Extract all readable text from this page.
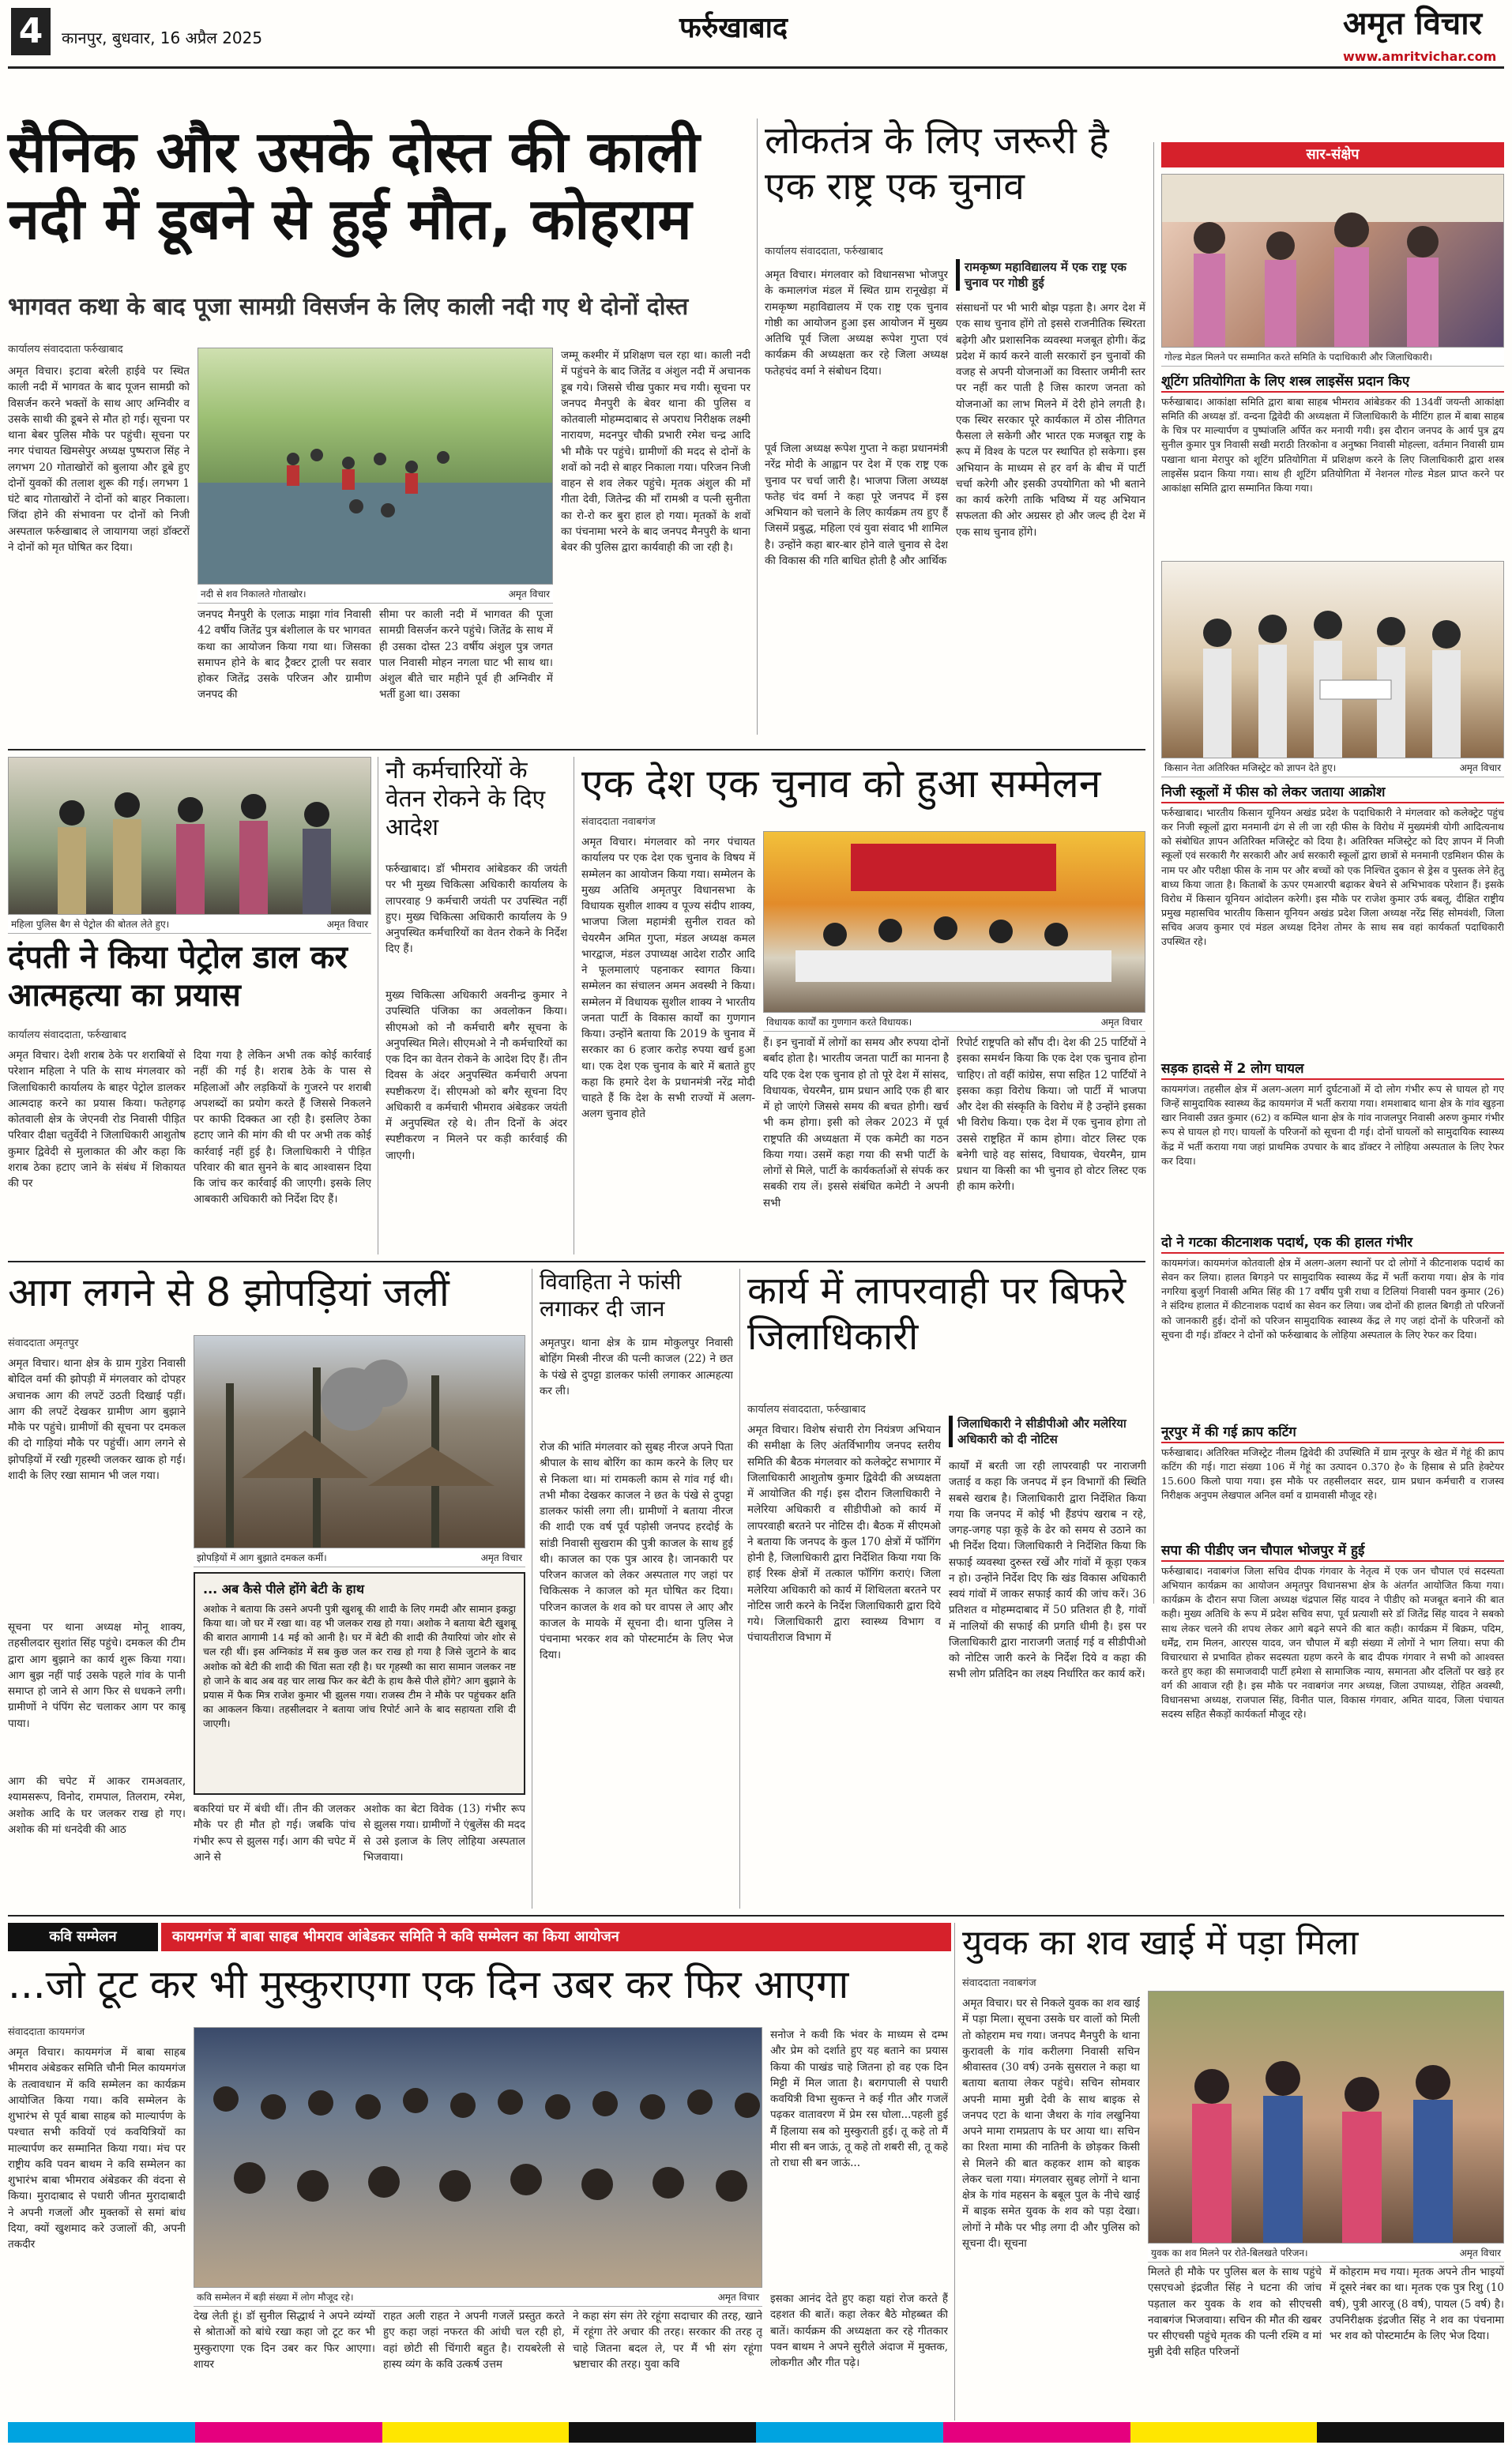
4	कानपुर, बुधवार, 16 अप्रैल 2025	फर्रुखाबाद	अमृत विचार
www.amritvichar.com
सैनिक और उसके दोस्त की काली नदी में डूबने से हुई मौत, कोहराम
भागवत कथा के बाद पूजा सामग्री विसर्जन के लिए काली नदी गए थे दोनों दोस्त
कार्यालय संवाददाता फर्रुखाबाद
अमृत विचार। इटावा बरेली हाईवे पर स्थित काली नदी में भागवत के बाद पूजन सामग्री को विसर्जन करने भक्तों के साथ आए अग्निवीर व उसके साथी की डूबने से मौत हो गई। सूचना पर थाना बेबर पुलिस मौके पर पहुंची। सूचना पर नगर पंचायत खिमसेपुर अध्यक्ष पुष्पराज सिंह ने लगभग 20 गोताखोरों को बुलाया और डूबे हुए दोनों युवकों की तलाश शुरू की गई। लगभग 1 घंटे बाद गोताखोरों ने दोनों को बाहर निकाला। जिंदा होने की संभावना पर दोनों को निजी अस्पताल फर्रुखाबाद ले जायागया जहां डॉक्टरों ने दोनों को मृत घोषित कर दिया।
नदी से शव निकालते गोताखोर।	अमृत विचार
जनपद मैनपुरी के एलाऊ माझा गांव निवासी 42 वर्षीय जितेंद्र पुत्र बंशीलाल के घर भागवत कथा का आयोजन किया गया था। जिसका समापन होने के बाद ट्रैक्टर ट्राली पर सवार होकर जितेंद्र उसके परिजन और ग्रामीण जनपद की
सीमा पर काली नदी में भागवत की पूजा सामग्री विसर्जन करने पहुंचे। जितेंद्र के साथ में ही उसका दोस्त 23 वर्षीय अंशुल पुत्र जगत पाल निवासी मोहन नगला घाट भी साथ था। अंशुल बीते चार महीने पूर्व ही अग्निवीर में भर्ती हुआ था। उसका
जम्मू कश्मीर में प्रशिक्षण चल रहा था। काली नदी में पहुंचने के बाद जितेंद्र व अंशुल नदी में अचानक डूब गये। जिससे चीख पुकार मच गयी। सूचना पर जनपद मैनपुरी के बेवर थाना की पुलिस व कोतवाली मोहम्मदाबाद से अपराध निरीक्षक लक्ष्मी नारायण, मदनपुर चौकी प्रभारी रमेश चन्द्र आदि भी मौके पर पहुंचे। ग्रामीणों की मदद से दोनों के शवों को नदी से बाहर निकाला गया। परिजन निजी वाहन से शव लेकर पहुंचे। मृतक अंशुल की माँ गीता देवी, जितेन्द्र की माँ रामश्री व पत्नी सुनीता का रो-रो कर बुरा हाल हो गया। मृतकों के शवों का पंचनामा भरने के बाद जनपद मैनपुरी के थाना बेवर की पुलिस द्वारा कार्यवाही की जा रही है।
लोकतंत्र के लिए जरूरी है एक राष्ट्र एक चुनाव
कार्यालय संवाददाता, फर्रुखाबाद
अमृत विचार। मंगलवार को विधानसभा भोजपुर के कमालगंज मंडल में स्थित ग्राम रानूखेड़ा में रामकृष्ण महाविद्यालय में एक राष्ट्र एक चुनाव गोष्ठी का आयोजन हुआ इस आयोजन में मुख्य अतिथि पूर्व जिला अध्यक्ष रूपेश गुप्ता एवं कार्यक्रम की अध्यक्षता कर रहे जिला अध्यक्ष फतेहचंद वर्मा ने संबोधन दिया।
रामकृष्ण महाविद्यालय में एक राष्ट्र एक चुनाव पर गोष्ठी हुई
संसाधनों पर भी भारी बोझ पड़ता है। अगर देश में एक साथ चुनाव होंगे तो इससे राजनीतिक स्थिरता बढ़ेगी और प्रशासनिक व्यवस्था मजबूत होगी। केंद्र प्रदेश में कार्य करने वाली सरकारों इन चुनावों की वजह से अपनी योजनाओं का विस्तार जमीनी स्तर पर नहीं कर पाती है जिस कारण जनता को योजनाओं का लाभ मिलने में देरी होने लगती है। एक स्थिर सरकार पूरे कार्यकाल में ठोस नीतिगत फैसला ले सकेगी और भारत एक मजबूत राष्ट्र के रूप में विश्व के पटल पर स्थापित हो सकेगा। इस अभियान के माध्यम से हर वर्ग के बीच में पार्टी चर्चा करेगी और इसकी उपयोगिता को भी बताने का कार्य करेगी ताकि भविष्य में यह अभियान सफलता की ओर अग्रसर हो और जल्द ही देश में एक साथ चुनाव होंगे।
पूर्व जिला अध्यक्ष रूपेश गुप्ता ने कहा प्रधानमंत्री नरेंद्र मोदी के आह्वान पर देश में एक राष्ट्र एक चुनाव पर चर्चा जारी है। भाजपा जिला अध्यक्ष फतेह चंद वर्मा ने कहा पूरे जनपद में इस अभियान को चलाने के लिए कार्यक्रम तय हुए हैं जिसमें प्रबुद्ध, महिला एवं युवा संवाद भी शामिल है। उन्होंने कहा बार-बार होने वाले चुनाव से देश की विकास की गति बाधित होती है और आर्थिक
सार-संक्षेप
गोल्ड मेडल मिलने पर सम्मानित करते समिति के पदाधिकारी और जिलाधिकारी।
शूटिंग प्रतियोगिता के लिए शस्त्र लाइसेंस प्रदान किए
फर्रुखाबाद। आकांक्षा समिति द्वारा बाबा साहब भीमराव आंबेडकर की 134वीं जयन्ती आकांक्षा समिति की अध्यक्ष डॉ. वन्दना द्विवेदी की अध्यक्षता में जिलाधिकारी के मीटिंग हाल में बाबा साहब के चित्र पर माल्यार्पण व पुष्पांजलि अर्पित कर मनायी गयी। इस दौरान जनपद के आर्य पुत्र द्वय सुनील कुमार पुत्र निवासी सखी मराठी तिरकोना व अनुष्का निवासी मोहल्ला, वर्तमान निवासी ग्राम पखाना थाना मेरापुर को शूटिंग प्रतियोगिता में प्रशिक्षण करने के लिए जिलाधिकारी द्वारा शस्त्र लाइसेंस प्रदान किया गया। साथ ही शूटिंग प्रतियोगिता में नेशनल गोल्ड मेडल प्राप्त करने पर आकांक्षा समिति द्वारा सम्मानित किया गया।
किसान नेता अतिरिक्त मजिस्ट्रेट को ज्ञापन देते हुए।	अमृत विचार
निजी स्कूलों में फीस को लेकर जताया आक्रोश
फर्रुखाबाद। भारतीय किसान यूनियन अखंड प्रदेश के पदाधिकारी ने मंगलवार को कलेक्ट्रेट पहुंच कर निजी स्कूलों द्वारा मनमानी ढंग से ली जा रही फीस के विरोध में मुख्यमंत्री योगी आदित्यनाथ को संबोधित ज्ञापन अतिरिक्त मजिस्ट्रेट को दिया है। अतिरिक्त मजिस्ट्रेट को दिए ज्ञापन में निजी स्कूलों एवं सरकारी गैर सरकारी और अर्ध सरकारी स्कूलों द्वारा छात्रों से मनमानी एडमिशन फीस के नाम पर और परीक्षा फीस के नाम पर और बच्चों को एक निश्चित दुकान से ड्रेस व पुस्तक लेने हेतु बाध्य किया जाता है। किताबों के ऊपर एमआरपी बढ़ाकर बेचने से अभिभावक परेशान हैं। इसके विरोध में किसान यूनियन आंदोलन करेगी। इस मौके पर राजेश कुमार उर्फ बबलू, दीक्षित राष्ट्रीय प्रमुख महासचिव भारतीय किसान यूनियन अखंड प्रदेश जिला अध्यक्ष नरेंद्र सिंह सोमवंशी, जिला सचिव अजय कुमार एवं मंडल अध्यक्ष दिनेश तोमर के साथ सब वहां कार्यकर्ता पदाधिकारी उपस्थित रहे।
सड़क हादसे में 2 लोग घायल
कायमगंज। तहसील क्षेत्र में अलग-अलग मार्ग दुर्घटनाओं में दो लोग गंभीर रूप से घायल हो गए जिन्हें सामुदायिक स्वास्थ्य केंद्र कायमगंज में भर्ती कराया गया। शमशाबाद थाना क्षेत्र के गांव खुड़ना खार निवासी उन्नत कुमार (62) व कम्पिल थाना क्षेत्र के गांव नाजलपुर निवासी अरुण कुमार गंभीर रूप से घायल हो गए। घायलों के परिजनों को सूचना दी गई। दोनों घायलों को सामुदायिक स्वास्थ्य केंद्र में भर्ती कराया गया जहां प्राथमिक उपचार के बाद डॉक्टर ने लोहिया अस्पताल के लिए रेफर कर दिया।
दो ने गटका कीटनाशक पदार्थ, एक की हालत गंभीर
कायमगंज। कायमगंज कोतवाली क्षेत्र में अलग-अलग स्थानों पर दो लोगों ने कीटनाशक पदार्थ का सेवन कर लिया। हालत बिगड़ने पर सामुदायिक स्वास्थ्य केंद्र में भर्ती कराया गया। क्षेत्र के गांव नगरिया बुजुर्ग निवासी अमित सिंह की 17 वर्षीय पुत्री राधा व टिलियां निवासी पवन कुमार (26) ने संदिग्ध हालात में कीटनाशक पदार्थ का सेवन कर लिया। जब दोनों की हालत बिगड़ी तो परिजनों को जानकारी हुई। दोनों को परिजन सामुदायिक स्वास्थ्य केंद्र ले गए जहां दोनों के परिजनों को सूचना दी गई। डॉक्टर ने दोनों को फर्रुखाबाद के लोहिया अस्पताल के लिए रेफर कर दिया।
नूरपुर में की गई क्राप कटिंग
फर्रुखाबाद। अतिरिक्त मजिस्ट्रेट नीलम द्विवेदी की उपस्थिति में ग्राम नूरपुर के खेत में गेहूं की क्राप कटिंग की गई। गाटा संख्या 106 में गेहूं का उत्पादन 0.370 हे० के हिसाब से प्रति हेक्टेयर 15.600 किलो पाया गया। इस मौके पर तहसीलदार सदर, ग्राम प्रधान कर्मचारी व राजस्व निरीक्षक अनुपम लेखपाल अनिल वर्मा व ग्रामवासी मौजूद रहे।
सपा की पीडीए जन चौपाल भोजपुर में हुई
फर्रुखाबाद। नवाबगंज जिला सचिव दीपक गंगवार के नेतृत्व में एक जन चौपाल एवं सदस्यता अभियान कार्यक्रम का आयोजन अमृतपुर विधानसभा क्षेत्र के अंतर्गत आयोजित किया गया। कार्यक्रम के दौरान सपा जिला अध्यक्ष चंद्रपाल सिंह यादव ने पीडीए को मजबूत बनाने की बात कही। मुख्य अतिथि के रूप में प्रदेश सचिव सपा, पूर्व प्रत्याशी सरे डॉ जितेंद्र सिंह यादव ने सबको साथ लेकर चलने की शपथ लेकर आगे बढ़ने सपने की बात कही। कार्यक्रम में बिक्रम, पदिम, धर्मेंद्र, राम मिलन, आरएस यादव, जन चौपाल में बड़ी संख्या में लोगों ने भाग लिया। सपा की विचारधारा से प्रभावित होकर सदस्यता ग्रहण करने के बाद दीपक गंगवार ने सभी को आश्वस्त करते हुए कहा की समाजवादी पार्टी हमेशा से सामाजिक न्याय, समानता और दलितों पर खड़े हर वर्ग की आवाज रही है। इस मौके पर नवाबगंज नगर अध्यक्ष, जिला उपाध्यक्ष, रोहित अवस्थी, विधानसभा अध्यक्ष, राजपाल सिंह, विनीत पाल, विकास गंगवार, अमित यादव, जिला पंचायत सदस्य सहित सैकड़ों कार्यकर्ता मौजूद रहे।
महिला पुलिस बैग से पेट्रोल की बोतल लेते हुए।	अमृत विचार
दंपती ने किया पेट्रोल डाल कर आत्महत्या का प्रयास
कार्यालय संवाददाता, फर्रुखाबाद
अमृत विचार। देशी शराब ठेके पर शराबियों से परेशान महिला ने पति के साथ मंगलवार को जिलाधिकारी कार्यालय के बाहर पेट्रोल डालकर आत्मदाह करने का प्रयास किया। फतेहगढ़ कोतवाली क्षेत्र के जेएनवी रोड निवासी पीड़ित परिवार दीक्षा चतुर्वेदी ने जिलाधिकारी आशुतोष कुमार द्विवेदी से मुलाकात की और कहा कि शराब ठेका हटाए जाने के संबंध में शिकायत की पर
दिया गया है लेकिन अभी तक कोई कार्रवाई नहीं की गई है। शराब ठेके के पास से महिलाओं और लड़कियों के गुजरने पर शराबी अपशब्दों का प्रयोग करते हैं जिससे निकलने पर काफी दिक्कत आ रही है। इसलिए ठेका हटाए जाने की मांग की थी पर अभी तक कोई कार्रवाई नहीं हुई है। जिलाधिकारी ने पीड़ित परिवार की बात सुनने के बाद आश्वासन दिया कि जांच कर कार्रवाई की जाएगी। इसके लिए आबकारी अधिकारी को निर्देश दिए हैं।
नौ कर्मचारियों के वेतन रोकने के दिए आदेश
फर्रुखाबाद। डॉ भीमराव आंबेडकर की जयंती पर भी मुख्य चिकित्सा अधिकारी कार्यालय के लापरवाह 9 कर्मचारी जयंती पर उपस्थित नहीं हुए। मुख्य चिकित्सा अधिकारी कार्यालय के 9 अनुपस्थित कर्मचारियों का वेतन रोकने के निर्देश दिए हैं।
मुख्य चिकित्सा अधिकारी अवनीन्द्र कुमार ने उपस्थिति पंजिका का अवलोकन किया। सीएमओ को नौ कर्मचारी बगैर सूचना के अनुपस्थित मिले। सीएमओ ने नौ कर्मचारियों का एक दिन का वेतन रोकने के आदेश दिए हैं। तीन दिवस के अंदर अनुपस्थित कर्मचारी अपना स्पष्टीकरण दें। सीएमओ को बगैर सूचना दिए अधिकारी व कर्मचारी भीमराव अंबेडकर जयंती में अनुपस्थित रहे थे। तीन दिनों के अंदर स्पष्टीकरण न मिलने पर कड़ी कार्रवाई की जाएगी।
एक देश एक चुनाव को हुआ सम्मेलन
संवाददाता नवाबगंज
अमृत विचार। मंगलवार को नगर पंचायत कार्यालय पर एक देश एक चुनाव के विषय में सम्मेलन का आयोजन किया गया। सम्मेलन के मुख्य अतिथि अमृतपुर विधानसभा के विधायक सुशील शाक्य व पूज्य संदीप शाक्य, भाजपा जिला महामंत्री सुनील रावत को चेयरमैन अमित गुप्ता, मंडल अध्यक्ष कमल भारद्वाज, मंडल उपाध्यक्ष आदेश राठौर आदि ने फूलमालाएं पहनाकर स्वागत किया। सम्मेलन का संचालन अमन अवस्थी ने किया। सम्मेलन में विधायक सुशील शाक्य ने भारतीय जनता पार्टी के विकास कार्यों का गुणगान किया। उन्होंने बताया कि 2019 के चुनाव में सरकार का 6 हजार करोड़ रुपया खर्च हुआ था। एक देश एक चुनाव के बारे में बताते हुए कहा कि हमारे देश के प्रधानमंत्री नरेंद्र मोदी चाहते हैं कि देश के सभी राज्यों में अलग-अलग चुनाव होते
विधायक कार्यों का गुणगान करते विधायक।	अमृत विचार
हैं। इन चुनावों में लोगों का समय और रुपया दोनों बर्बाद होता है। भारतीय जनता पार्टी का मानना है यदि एक देश एक चुनाव हो तो पूरे देश में सांसद, विधायक, चेयरमैन, ग्राम प्रधान आदि एक ही बार में हो जाएंगे जिससे समय की बचत होगी। खर्च भी कम होगा। इसी को लेकर 2023 में पूर्व राष्ट्रपति की अध्यक्षता में एक कमेटी का गठन किया गया। उसमें कहा गया की सभी पार्टी के लोगों से मिले, पार्टी के कार्यकर्ताओं से संपर्क कर सबकी राय लें। इससे संबंधित कमेटी ने अपनी सभी
रिपोर्ट राष्ट्रपति को सौंप दी। देश की 25 पार्टियों ने इसका समर्थन किया कि एक देश एक चुनाव होना चाहिए। तो वहीं कांग्रेस, सपा सहित 12 पार्टियों ने इसका कड़ा विरोध किया। जो पार्टी में भाजपा और देश की संस्कृति के विरोध में है उन्होंने इसका भी विरोध किया। एक देश में एक चुनाव होगा तो उससे राष्ट्रहित में काम होगा। वोटर लिस्ट एक बनेगी चाहे वह सांसद, विधायक, चेयरमैन, ग्राम प्रधान या किसी का भी चुनाव हो वोटर लिस्ट एक ही काम करेगी।
आग लगने से 8 झोपड़ियां जलीं
संवाददाता अमृतपुर
अमृत विचार। थाना क्षेत्र के ग्राम गुडेरा निवासी बोदिल वर्मा की झोपड़ी में मंगलवार को दोपहर अचानक आग की लपटें उठती दिखाई पड़ीं। आग की लपटें देखकर ग्रामीण आग बुझाने मौके पर पहुंचे। ग्रामीणों की सूचना पर दमकल की दो गाड़ियां मौके पर पहुंचीं। आग लगने से झोपड़ियों में रखी गृहस्थी जलकर खाक हो गई। शादी के लिए रखा सामान भी जल गया।
झोपड़ियों में आग बुझाते दमकल कर्मी।	अमृत विचार
सूचना पर थाना अध्यक्ष मोनू शाक्य, तहसीलदार सुशांत सिंह पहुंचे। दमकल की टीम द्वारा आग बुझाने का कार्य शुरू किया गया। आग बुझ नहीं पाई उसके पहले गांव के पानी समाप्त हो जाने से आग फिर से धधकने लगी। ग्रामीणों ने पंपिंग सेट चलाकर आग पर काबू पाया।
आग की चपेट में आकर रामअवतार, श्यामसरूप, विनोद, रामपाल, तिलराम, रमेश, अशोक आदि के घर जलकर राख हो गए। अशोक की मां धनदेवी की आठ
... अब कैसे पीले होंगे बेटी के हाथ
अशोक ने बताया कि उसने अपनी पुत्री खुशबू की शादी के लिए गमदी और सामान इकट्ठा किया था। जो घर में रखा था। वह भी जलकर राख हो गया। अशोक ने बताया बेटी खुशबू की बारात आगामी 14 मई को आनी है। घर में बेटी की शादी की तैयारियां जोर शोर से चल रही थीं। इस अग्निकांड में सब कुछ जल कर राख हो गया है जिसे जुटाने के बाद अशोक को बेटी की शादी की चिंता सता रही है। घर गृहस्थी का सारा सामान जलकर नष्ट हो जाने के बाद अब वह चार लाख फिर कर बेटी के हाथ कैसे पीले होंगे? आग बुझाने के प्रयास में फैक मित्र राजेश कुमार भी झुलस गया। राजस्व टीम ने मौके पर पहुंचकर क्षति का आकलन किया। तहसीलदार ने बताया जांच रिपोर्ट आने के बाद सहायता राशि दी जाएगी।
बकरियां घर में बंधी थीं। तीन की जलकर मौके पर ही मौत हो गई। जबकि पांच गंभीर रूप से झुलस गईं। आग की चपेट में आने से
अशोक का बेटा विवेक (13) गंभीर रूप से झुलस गया। ग्रामीणों ने एंबुलेंस की मदद से उसे इलाज के लिए लोहिया अस्पताल भिजवाया।
विवाहिता ने फांसी लगाकर दी जान
अमृतपुर। थाना क्षेत्र के ग्राम मोकुलपुर निवासी बोहिंग मिस्त्री नीरज की पत्नी काजल (22) ने छत के पंखे से दुपट्टा डालकर फांसी लगाकर आत्महत्या कर ली।
रोज की भांति मंगलवार को सुबह नीरज अपने पिता श्रीपाल के साथ बोरिंग का काम करने के लिए घर से निकला था। मां रामकली काम से गांव गई थी। तभी मौका देखकर काजल ने छत के पंखे से दुपट्टा डालकर फांसी लगा ली। ग्रामीणों ने बताया नीरज की शादी एक वर्ष पूर्व पड़ोसी जनपद हरदोई के सांडी निवासी सुखराम की पुत्री काजल के साथ हुई थी। काजल का एक पुत्र आरव है। जानकारी पर परिजन काजल को लेकर अस्पताल गए जहां पर चिकित्सक ने काजल को मृत घोषित कर दिया। परिजन काजल के शव को घर वापस ले आए और काजल के मायके में सूचना दी। थाना पुलिस ने पंचनामा भरकर शव को पोस्टमार्टम के लिए भेज दिया।
कार्य में लापरवाही पर बिफरे जिलाधिकारी
कार्यालय संवाददाता, फर्रुखाबाद
अमृत विचार। विशेष संचारी रोग नियंत्रण अभियान की समीक्षा के लिए अंतर्विभागीय जनपद स्तरीय समिति की बैठक मंगलवार को कलेक्ट्रेट सभागार में जिलाधिकारी आशुतोष कुमार द्विवेदी की अध्यक्षता में आयोजित की गई। इस दौरान जिलाधिकारी ने मलेरिया अधिकारी व सीडीपीओ को कार्य में लापरवाही बरतने पर नोटिस दी। बैठक में सीएमओ ने बताया कि जनपद के कुल 170 क्षेत्रों में फॉगिंग होनी है, जिलाधिकारी द्वारा निर्देशित किया गया कि हाई रिस्क क्षेत्रों में तत्काल फॉगिंग कराएं। जिला मलेरिया अधिकारी को कार्य में शिथिलता बरतने पर नोटिस जारी करने के निर्देश जिलाधिकारी द्वारा दिये गये। जिलाधिकारी द्वारा स्वास्थ्य विभाग व पंचायतीराज विभाग में
जिलाधिकारी ने सीडीपीओ और मलेरिया अधिकारी को दी नोटिस
कार्यों में बरती जा रही लापरवाही पर नाराजगी जताई व कहा कि जनपद में इन विभागों की स्थिति सबसे खराब है। जिलाधिकारी द्वारा निर्देशित किया गया कि जनपद में कोई भी हैंडपंप खराब न रहे, जगह-जगह पड़ा कूड़े के ढेर को समय से उठाने का भी निर्देश दिया। जिलाधिकारी ने निर्देशित किया कि सफाई व्यवस्था दुरुस्त रखें और गांवों में कूड़ा एकत्र न हो। उन्होंने निर्देश दिए कि खंड विकास अधिकारी स्वयं गांवों में जाकर सफाई कार्य की जांच करें। 36 प्रतिशत व मोहम्मदाबाद में 50 प्रतिशत ही है, गांवों में नालियों की सफाई की प्रगति धीमी है। इस पर जिलाधिकारी द्वारा नाराजगी जताई गई व सीडीपीओ को नोटिस जारी करने के निर्देश दिये व कहा की सभी लोग प्रतिदिन का लक्ष्य निर्धारित कर कार्य करें।
कवि सम्मेलन	कायमगंज में बाबा साहब भीमराव आंबेडकर समिति ने कवि सम्मेलन का किया आयोजन
...जो टूट कर भी मुस्कुराएगा एक दिन उबर कर फिर आएगा
संवाददाता कायमगंज
अमृत विचार। कायमगंज में बाबा साहब भीमराव अंबेडकर समिति चौनी मिल कायमगंज के तत्वावधान में कवि सम्मेलन का कार्यक्रम आयोजित किया गया। कवि सम्मेलन के शुभारंभ से पूर्व बाबा साहब को माल्यार्पण के पश्चात सभी कवियों एवं कवयित्रियों का माल्यार्पण कर सम्मानित किया गया। मंच पर राष्ट्रीय कवि पवन बाथम ने कवि सम्मेलन का शुभारंभ बाबा भीमराव अंबेडकर की वंदना से किया। मुरादाबाद से पधारी जीनत मुरादाबादी ने अपनी गजलों और मुक्तकों से समां बांध दिया, क्यों खुशमाद करे उजालों की, अपनी तकदीर
कवि सम्मेलन में बड़ी संख्या में लोग मौजूद रहे।	अमृत विचार
देख लेती हूं। डॉ सुनील सिद्धार्थ ने अपने व्यंग्यों से श्रोताओं को बांधे रखा कहा जो टूट कर भी मुस्कुराएगा एक दिन उबर कर फिर आएगा। शायर
राहत अली राहत ने अपनी गजलें प्रस्तुत करते हुए कहा जहां नफरत की आंधी चल रही हो, वहां छोटी सी चिंगारी बहुत है। रायबरेली से हास्य व्यंग के कवि उत्कर्ष उत्तम
ने कहा संग संग तेरे रहूंगा सदाचार की तरह, खाने में रहूंगा तेरे अचार की तरह। सरकार की तरह तू चाहे जितना बदल ले, पर मैं भी संग रहूंगा भ्रष्टाचार की तरह। युवा कवि
सनोज ने कवी कि भंवर के माध्यम से दम्भ और प्रेम को दर्शाते हुए यह बताने का प्रयास किया की पाखंड चाहे जितना हो वह एक दिन मिट्टी में मिल जाता है। बरागपाली से पधारी कवयित्री विभा सुकन्त ने कई गीत और गजलें पढ़कर वातावरण में प्रेम रस घोला...पहली हुई मैं हिलाया सब को मुस्कुराती हुई। तू कहे तो मैं मीरा सी बन जाऊं, तू कहे तो शबरी सी, तू कहे तो राधा सी बन जाऊं...
इसका आनंद देते हुए कहा यहां रोज करते हैं दहशत की बातें। कहा लेकर बैठे मोहब्बत की बातें। कार्यक्रम की अध्यक्षता कर रहे गीतकार पवन बाथम ने अपने सुरीले अंदाज में मुक्तक, लोकगीत और गीत पढ़े।
युवक का शव खाई में पड़ा मिला
संवाददाता नवाबगंज
अमृत विचार। घर से निकले युवक का शव खाई में पड़ा मिला। सूचना उसके घर वालों को मिली तो कोहराम मच गया। जनपद मैनपुरी के थाना कुरावली के गांव करीलगा निवासी सचिन श्रीवास्तव (30 वर्ष) उनके सुसराल ने कहा था बताया बताया लेकर पहुंचे। सचिन सोमवार अपनी मामा मुन्नी देवी के साथ बाइक से जनपद एटा के थाना जैथरा के गांव लखुनिया अपने मामा रामप्रताप के घर आया था। सचिन का रिश्ता मामा की नातिनी के छोड़कर किसी से मिलने की बात कहकर शाम को बाइक लेकर चला गया। मंगलवार सुबह लोगों ने थाना क्षेत्र के गांव महसन के बबूल पुल के नीचे खाई में बाइक समेत युवक के शव को पड़ा देखा। लोगों ने मौके पर भीड़ लगा दी और पुलिस को सूचना दी। सूचना
युवक का शव मिलने पर रोते-बिलखते परिजन।	अमृत विचार
मिलते ही मौके पर पुलिस बल के साथ पहुंचे एसएचओ इंद्रजीत सिंह ने घटना की जांच पड़ताल कर युवक के शव को सीएचसी नवाबगंज भिजवाया। सचिन की मौत की खबर पर सीएचसी पहुंचे मृतक की पत्नी रश्मि व मां मुन्नी देवी सहित परिजनों
में कोहराम मच गया। मृतक अपने तीन भाइयों में दूसरे नंबर का था। मृतक एक पुत्र रिशु (10 वर्ष), पुत्री आरजू (8 वर्ष), पायल (5 वर्ष) है। उपनिरीक्षक इंद्रजीत सिंह ने शव का पंचनामा भर शव को पोस्टमार्टम के लिए भेज दिया।
